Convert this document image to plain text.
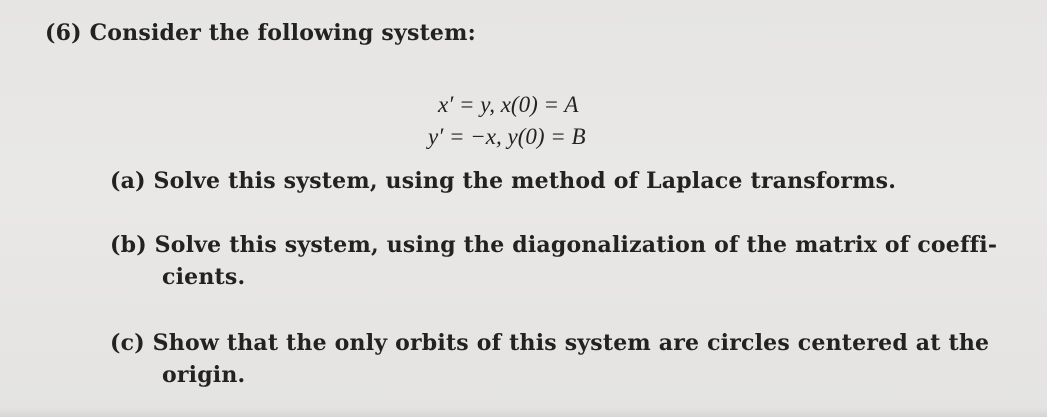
(6) Consider the following system:
x′ = y, x(0) = A
y′ = −x, y(0) = B
(a) Solve this system, using the method of Laplace transforms.
(b) Solve this system, using the diagonalization of the matrix of coeffi-
cients.
(c) Show that the only orbits of this system are circles centered at the
origin.
